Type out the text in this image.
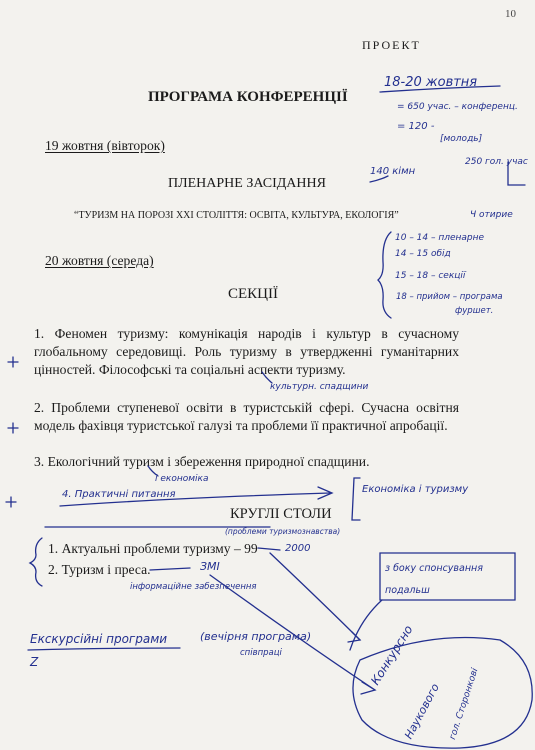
10
ПРОЕКТ
ПРОГРАМА КОНФЕРЕНЦІЇ
19 жовтня (вівторок)
ПЛЕНАРНЕ ЗАСІДАННЯ
“ТУРИЗМ НА ПОРОЗІ ХХІ СТОЛІТТЯ: ОСВІТА, КУЛЬТУРА, ЕКОЛОГІЯ”
20 жовтня (середа)
СЕКЦІЇ
1. Феномен туризму: комунікація народів і культур в сучасному глобальному середовищі. Роль туризму в утвердженні гуманітарних цінностей. Філософські та соціальні аспекти туризму.
2. Проблеми ступеневої освіти в туристській сфері. Сучасна освітня модель фахівця туристської галузі та проблеми її практичної апробації.
3. Екологічний туризм і збереження природної спадщини.
КРУГЛІ СТОЛИ
1. Актуальні проблеми туризму – 99
2. Туризм і преса.
18-20 жовтня
= 650 учас. – конференц.
= 120 -
[молодь]
140 кімн
250 гол. учас
Ч отирие
10 – 14 – пленарне
14 – 15 обід
15 – 18 – секції
18 – прийом – програма
фуршет.
культурн. спадщини
і економіка
4. Практичні питання	Економіка і туризму
2000
(проблеми туризмознавства)
ЗМІ
інформаційне забезпечення
з боку спонсування подальш
Екскурсійні програми	(вечірня програма)
співпраці
Z	Конкурсно
Наукового гол. Сторонкові
